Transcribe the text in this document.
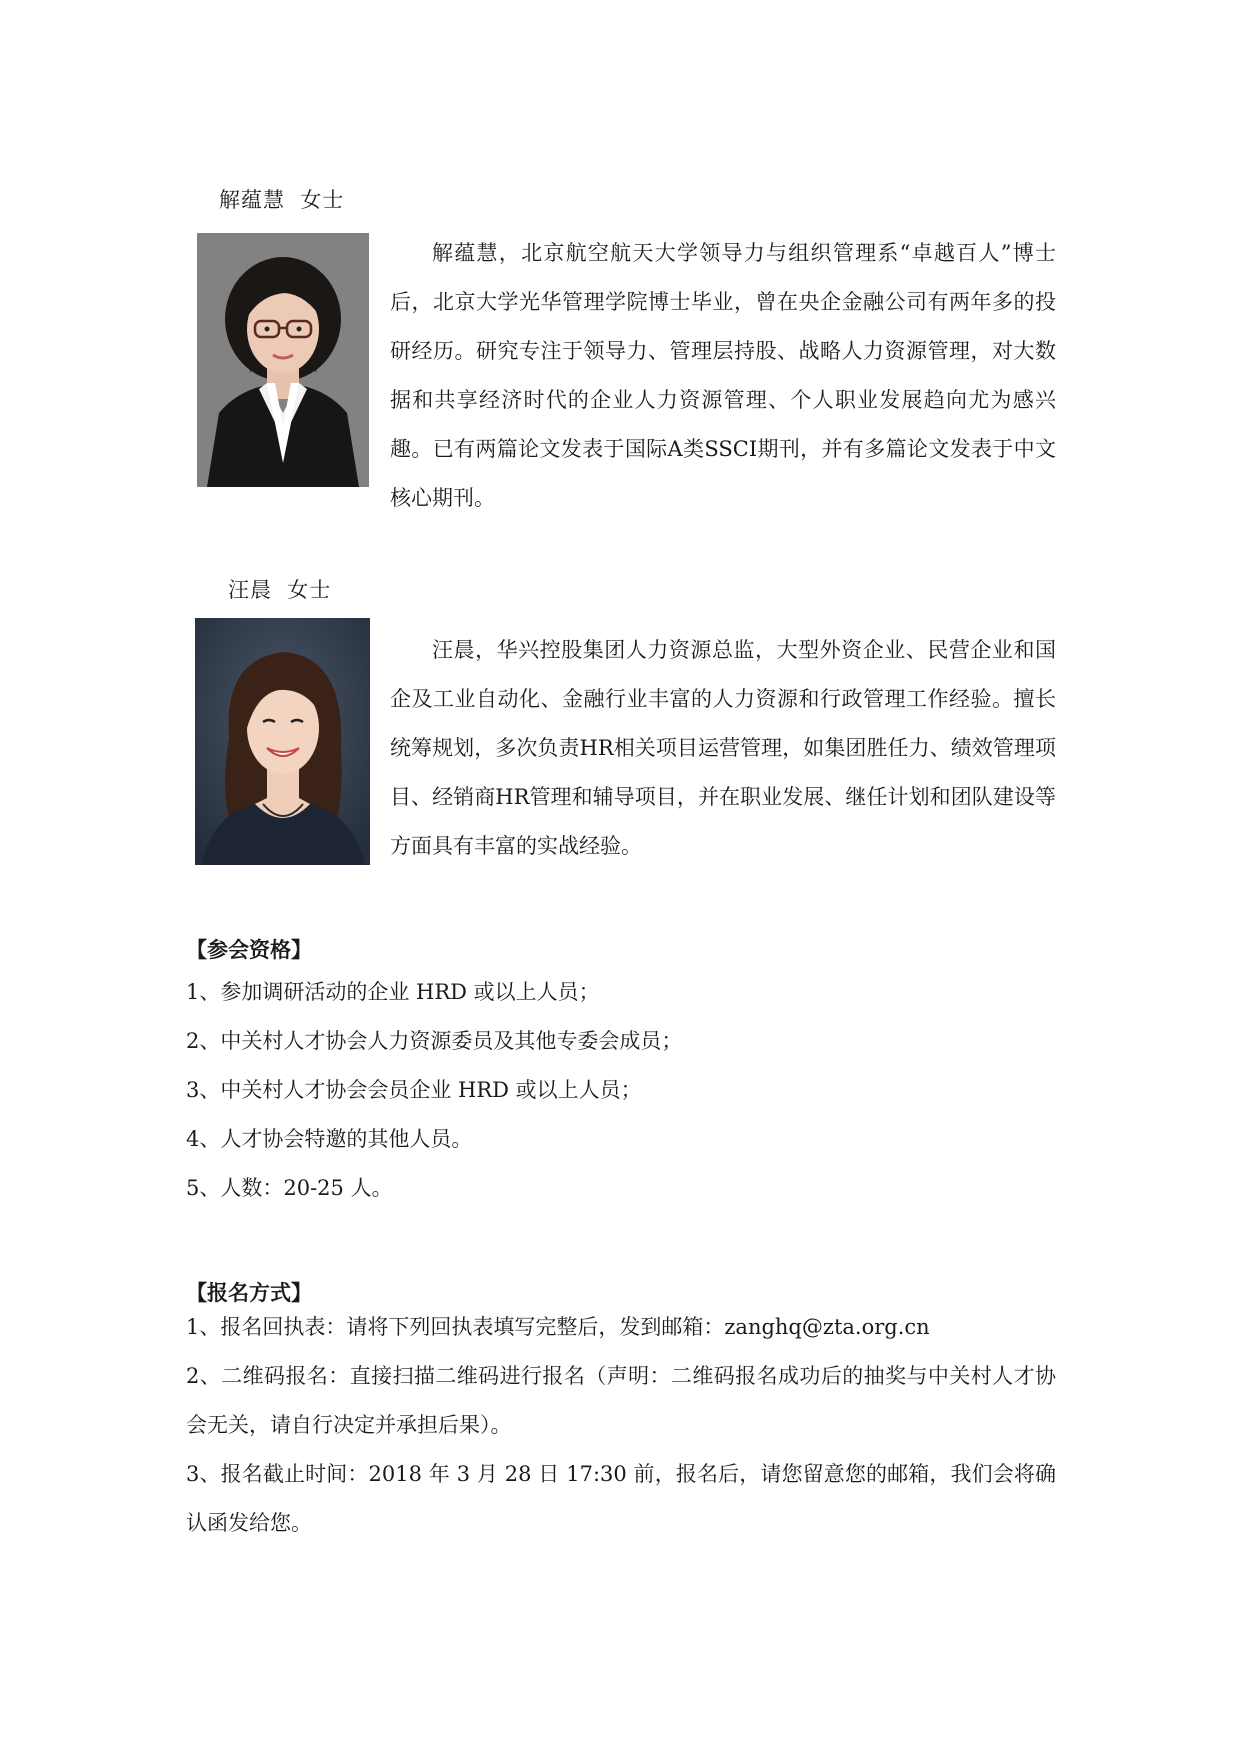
解蕴慧  女士

解蕴慧，北京航空航天大学领导力与组织管理系“卓越百人”博士后，北京大学光华管理学院博士毕业，曾在央企金融公司有两年多的投研经历。研究专注于领导力、管理层持股、战略人力资源管理，对大数据和共享经济时代的企业人力资源管理、个人职业发展趋向尤为感兴趣。已有两篇论文发表于国际A类SSCI期刊，并有多篇论文发表于中文核心期刊。

汪晨  女士

汪晨，华兴控股集团人力资源总监，大型外资企业、民营企业和国企及工业自动化、金融行业丰富的人力资源和行政管理工作经验。擅长统筹规划，多次负责HR相关项目运营管理，如集团胜任力、绩效管理项目、经销商HR管理和辅导项目，并在职业发展、继任计划和团队建设等方面具有丰富的实战经验。

【参会资格】

1、参加调研活动的企业 HRD 或以上人员；

2、中关村人才协会人力资源委员及其他专委会成员；

3、中关村人才协会会员企业 HRD 或以上人员；

4、人才协会特邀的其他人员。

5、人数：20-25 人。

【报名方式】

1、报名回执表：请将下列回执表填写完整后，发到邮箱：zanghq@zta.org.cn

2、二维码报名：直接扫描二维码进行报名（声明：二维码报名成功后的抽奖与中关村人才协会无关，请自行决定并承担后果）。

3、报名截止时间：2018 年 3 月 28 日 17:30 前，报名后，请您留意您的邮箱，我们会将确认函发给您。
